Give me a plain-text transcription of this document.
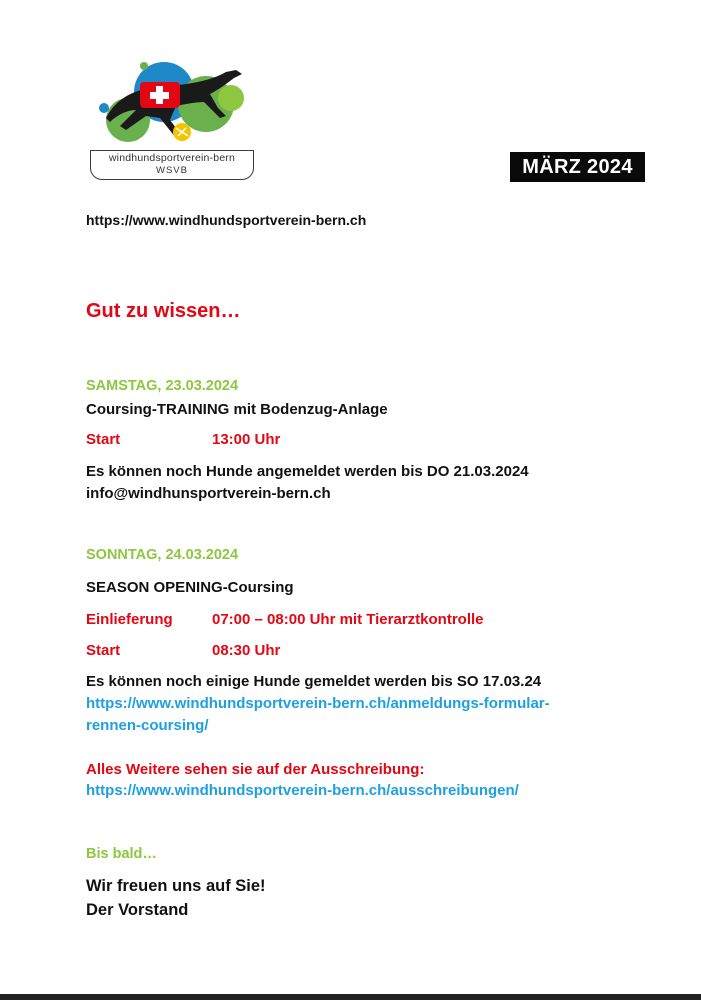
windhundsportverein-bern
WSVB	MÄRZ 2024
https://www.windhundsportverein-bern.ch
Gut zu wissen…
SAMSTAG, 23.03.2024
Coursing-TRAINING mit Bodenzug-Anlage
Start	13:00 Uhr
Es können noch Hunde angemeldet werden bis DO 21.03.2024
info@windhunsportverein-bern.ch
SONNTAG, 24.03.2024
SEASON OPENING-Coursing
Einlieferung	07:00 – 08:00 Uhr mit Tierarztkontrolle
Start	08:30 Uhr
Es können noch einige Hunde gemeldet werden bis SO 17.03.24
https://www.windhundsportverein-bern.ch/anmeldungs-formular-
rennen-coursing/
Alles Weitere sehen sie auf der Ausschreibung:
https://www.windhundsportverein-bern.ch/ausschreibungen/
Bis bald…
Wir freuen uns auf Sie!
Der Vorstand
